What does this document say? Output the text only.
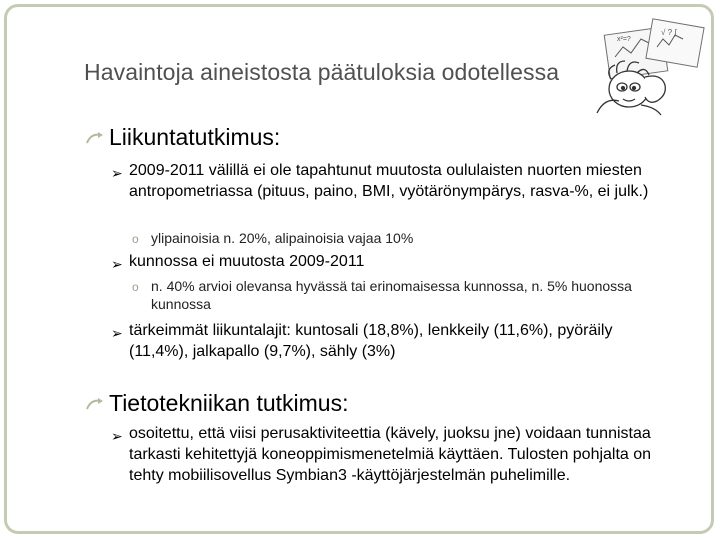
√ ? ∫
x²=?
Havaintoja aineistosta päätuloksia odotellessa
Liikuntatutkimus:
➢ 2009-2011 välillä ei ole tapahtunut muutosta oululaisten nuorten miesten antropometriassa (pituus, paino, BMI, vyötärönympärys, rasva-%, ei julk.)
o ylipainoisia n. 20%, alipainoisia vajaa 10%
➢ kunnossa ei muutosta 2009-2011
o n. 40% arvioi olevansa hyvässä tai erinomaisessa kunnossa, n. 5% huonossa kunnossa
➢ tärkeimmät liikuntalajit: kuntosali (18,8%), lenkkeily (11,6%), pyöräily (11,4%), jalkapallo (9,7%), sähly (3%)
Tietotekniikan tutkimus:
➢ osoitettu, että viisi perusaktiviteettia (kävely, juoksu jne) voidaan tunnistaa tarkasti kehitettyjä koneoppimismenetelmiä käyttäen. Tulosten pohjalta on tehty mobiilisovellus Symbian3 -käyttöjärjestelmän puhelimille.
